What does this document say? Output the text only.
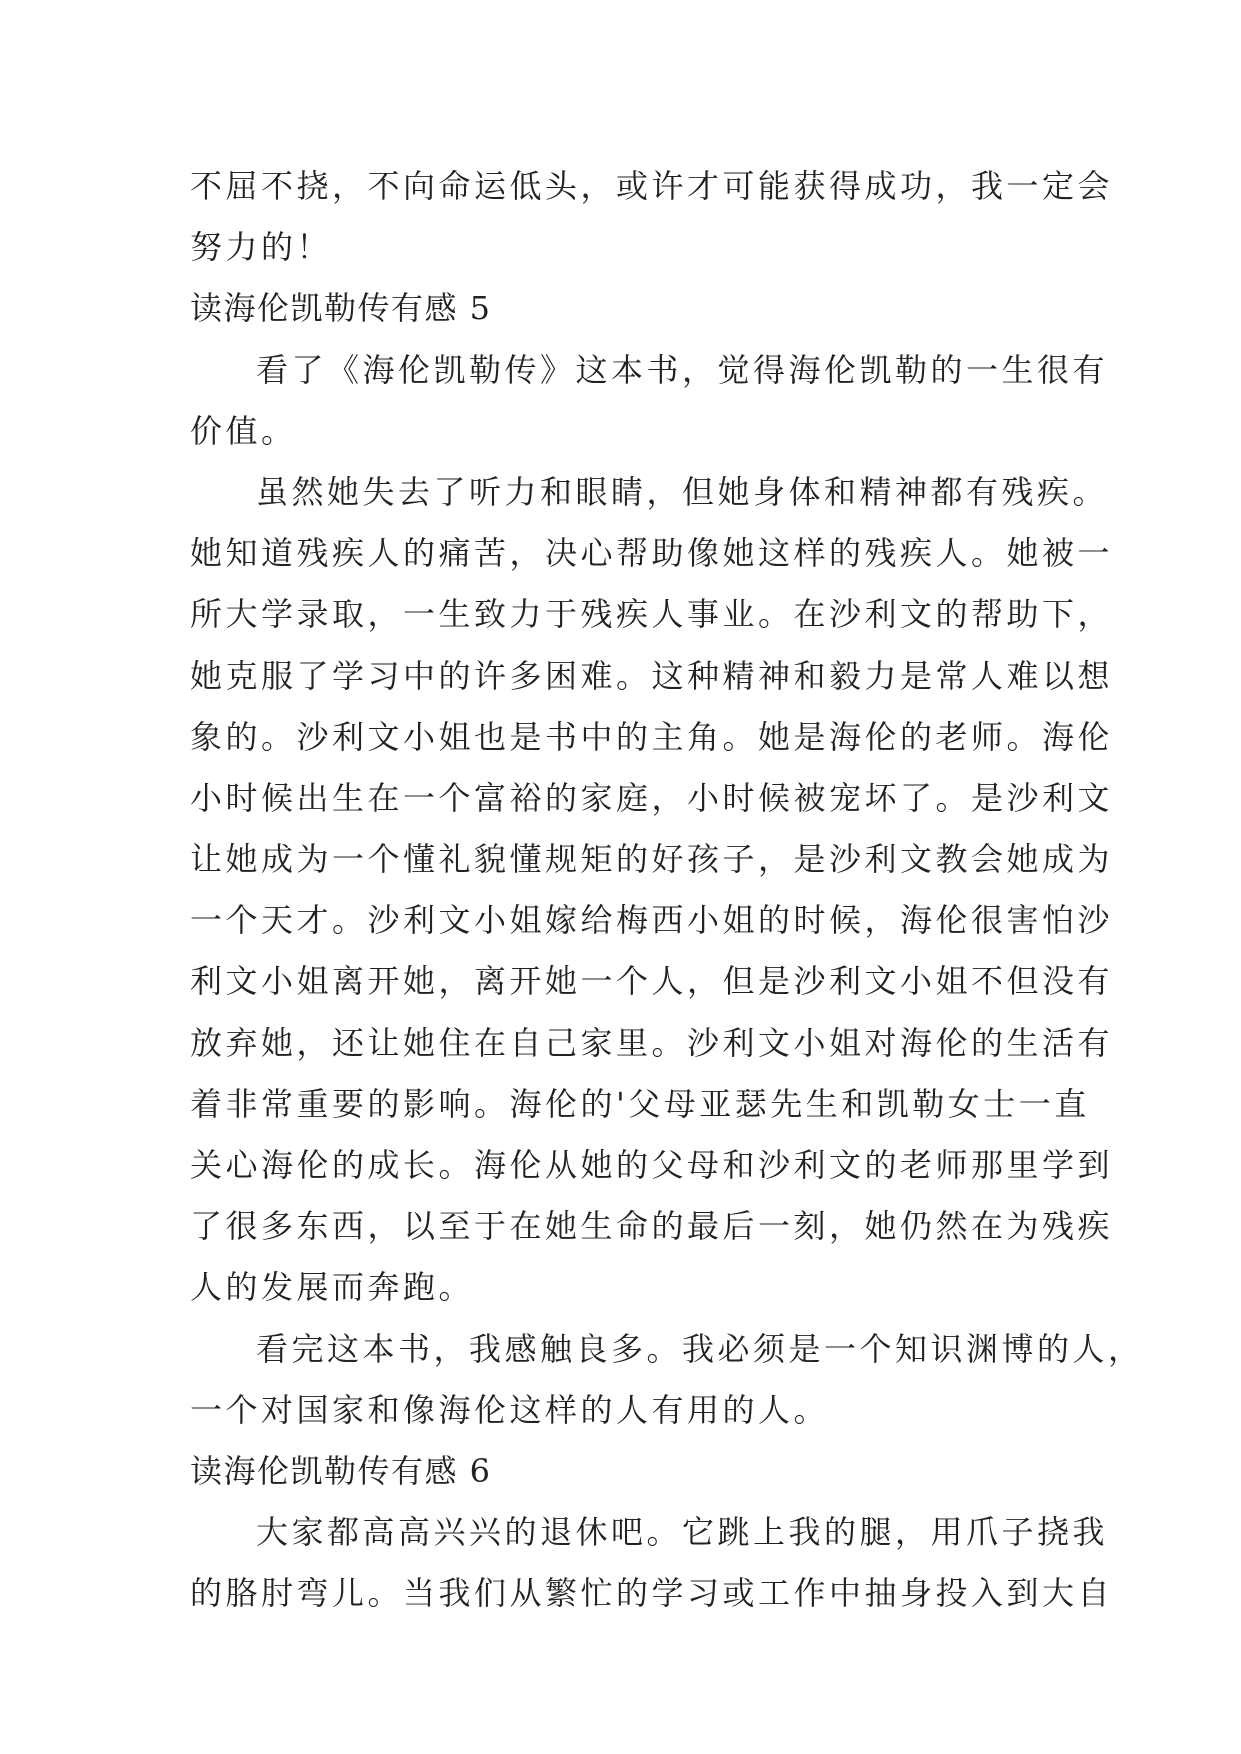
不屈不挠，不向命运低头，或许才可能获得成功，我一定会
努力的！
读海伦凯勒传有感 5
看了《海伦凯勒传》这本书，觉得海伦凯勒的一生很有
价值。
虽然她失去了听力和眼睛，但她身体和精神都有残疾。
她知道残疾人的痛苦，决心帮助像她这样的残疾人。她被一
所大学录取，一生致力于残疾人事业。在沙利文的帮助下，
她克服了学习中的许多困难。这种精神和毅力是常人难以想
象的。沙利文小姐也是书中的主角。她是海伦的老师。海伦
小时候出生在一个富裕的家庭，小时候被宠坏了。是沙利文
让她成为一个懂礼貌懂规矩的好孩子，是沙利文教会她成为
一个天才。沙利文小姐嫁给梅西小姐的时候，海伦很害怕沙
利文小姐离开她，离开她一个人，但是沙利文小姐不但没有
放弃她，还让她住在自己家里。沙利文小姐对海伦的生活有
着非常重要的影响。海伦的'父母亚瑟先生和凯勒女士一直
关心海伦的成长。海伦从她的父母和沙利文的老师那里学到
了很多东西，以至于在她生命的最后一刻，她仍然在为残疾
人的发展而奔跑。
看完这本书，我感触良多。我必须是一个知识渊博的人，
一个对国家和像海伦这样的人有用的人。
读海伦凯勒传有感 6
大家都高高兴兴的退休吧。它跳上我的腿，用爪子挠我
的胳肘弯儿。当我们从繁忙的学习或工作中抽身投入到大自
